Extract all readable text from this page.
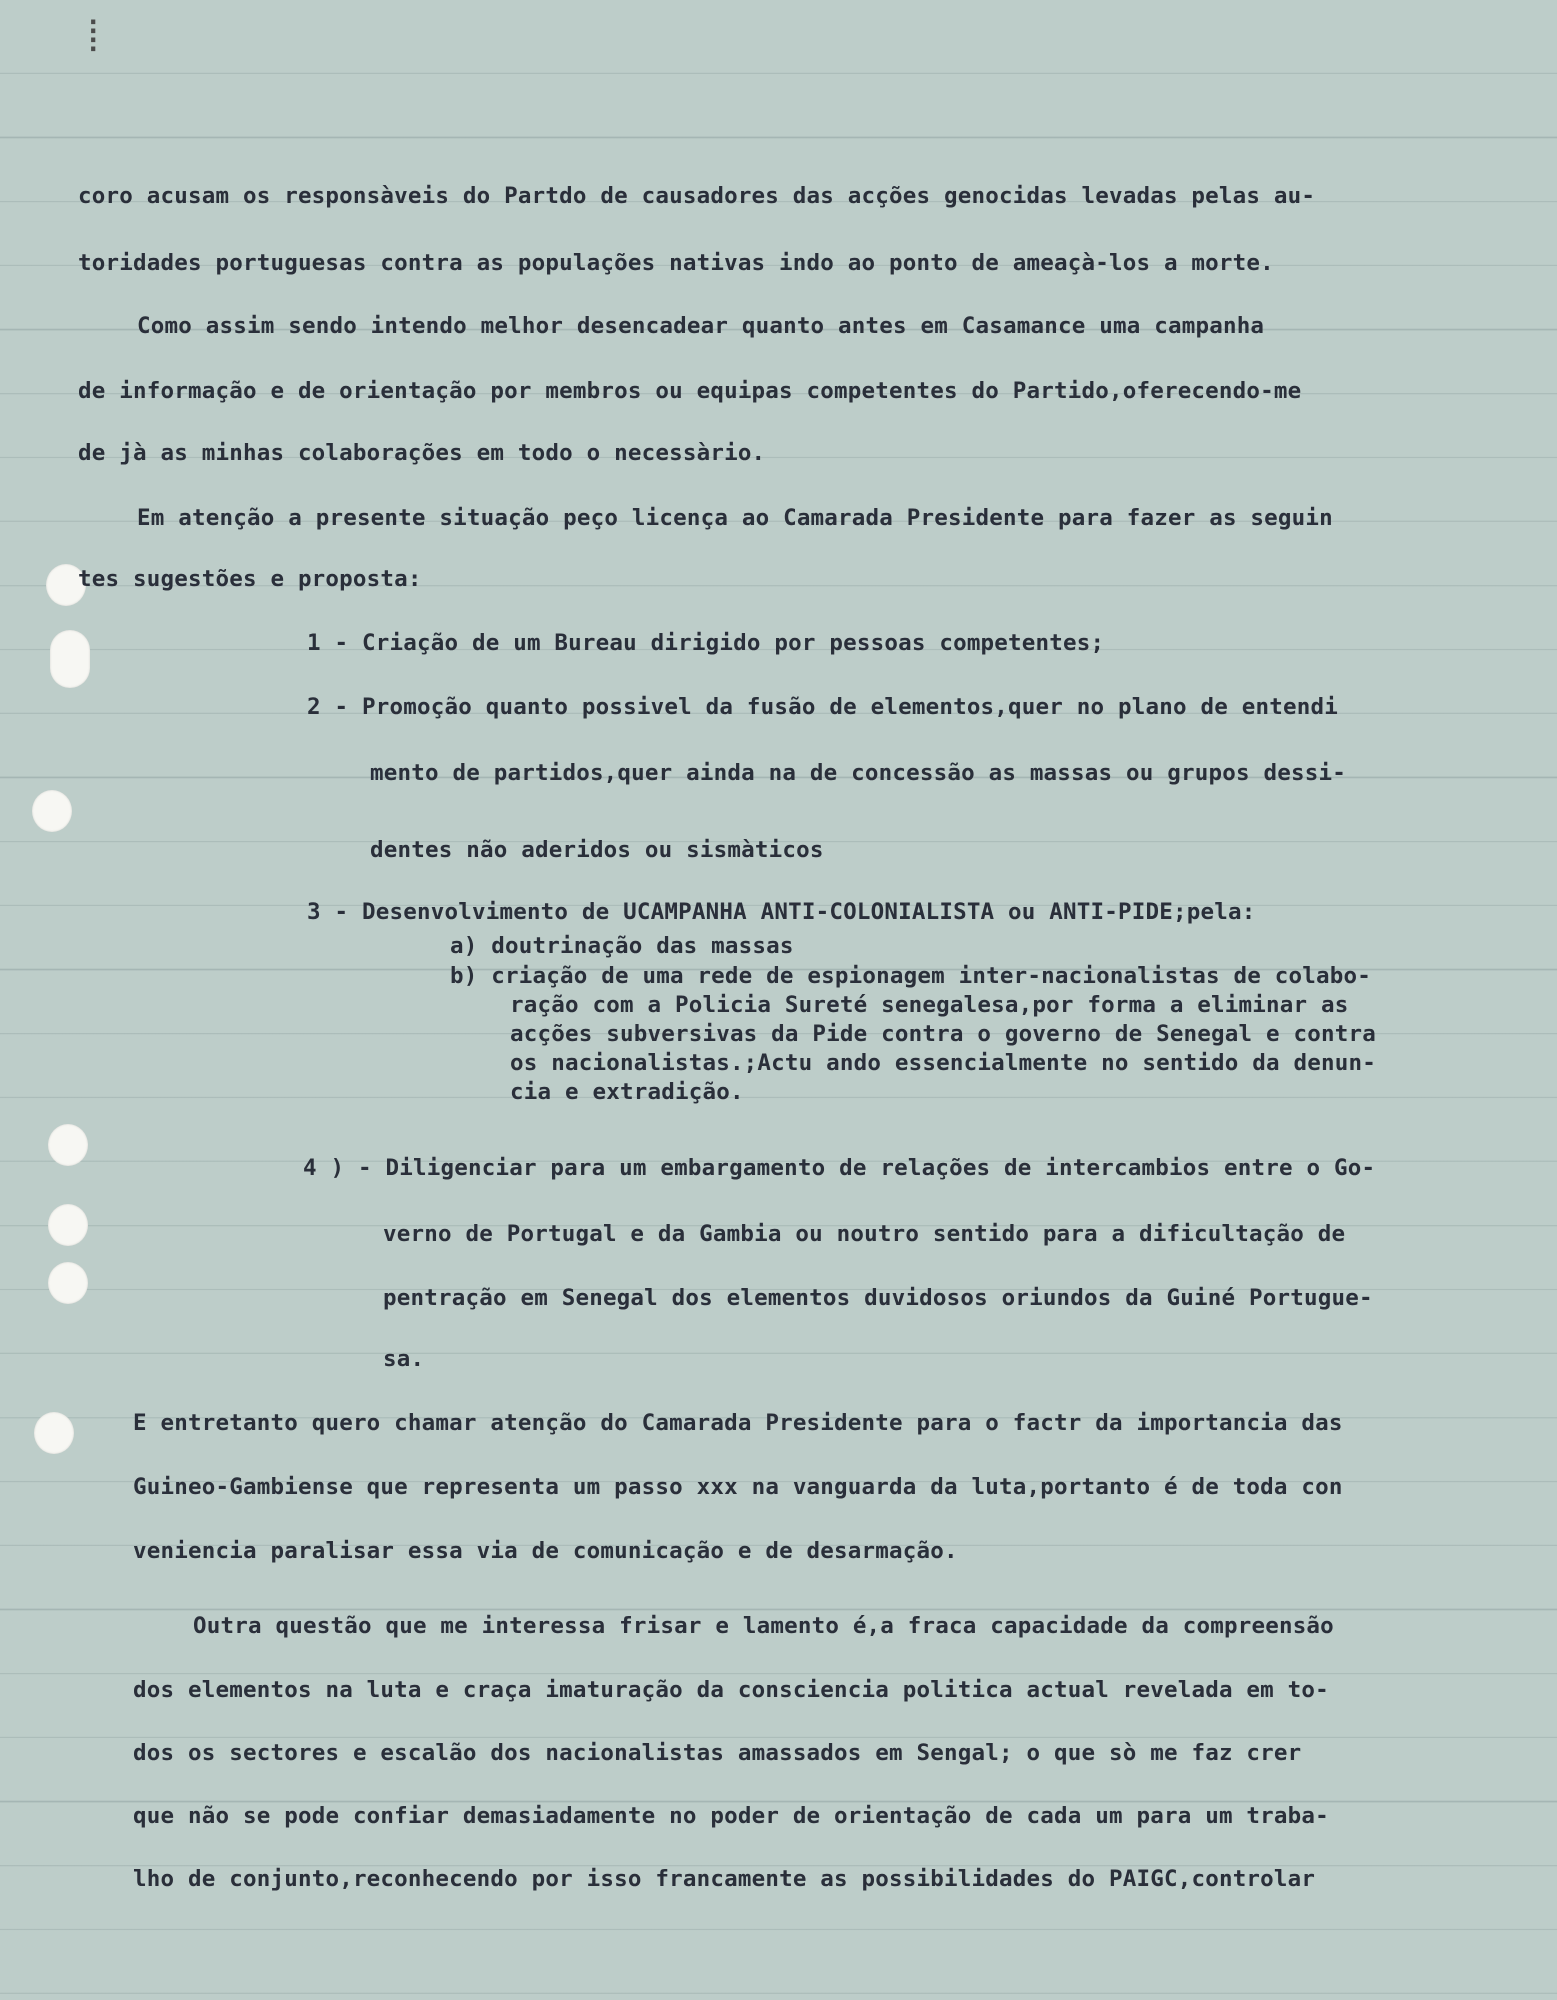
⁞
coro acusam os responsàveis do Partdo de causadores das acções genocidas levadas pelas au-
toridades portuguesas contra as populações nativas indo ao ponto de ameaçà-los a morte.
Como assim sendo intendo melhor desencadear quanto antes em Casamance uma campanha
de informação e de orientação por membros ou equipas competentes do Partido,oferecendo-me
de jà as minhas colaborações em todo o necessàrio.
Em atenção a presente situação peço licença ao Camarada Presidente para fazer as seguin
tes sugestões e proposta:
1 - Criação de um Bureau dirigido por pessoas competentes;
2 - Promoção quanto possivel da fusão de elementos,quer no plano de entendi
mento de partidos,quer ainda na de concessão as massas ou grupos dessi-
dentes não aderidos ou sismàticos
3 - Desenvolvimento de UCAMPANHA ANTI-COLONIALISTA ou ANTI-PIDE;pela:
a) doutrinação das massas
b) criação de uma rede de espionagem inter-nacionalistas de colabo-
ração com a Policia Sureté senegalesa,por forma a eliminar as
acções subversivas da Pide contra o governo de Senegal e contra
os nacionalistas.;Actu ando essencialmente no sentido da denun-
cia e extradição.
4 ) - Diligenciar para um embargamento de relações de intercambios entre o Go-
verno de Portugal e da Gambia ou noutro sentido para a dificultação de
pentração em Senegal dos elementos duvidosos oriundos da Guiné Portugue-
sa.
E entretanto quero chamar atenção do Camarada Presidente para o factr da importancia das
Guineo-Gambiense que representa um passo xxx na vanguarda da luta,portanto é de toda con
veniencia paralisar essa via de comunicação e de desarmação.
Outra questão que me interessa frisar e lamento é,a fraca capacidade da compreensão
dos elementos na luta e craça imaturação da consciencia politica actual revelada em to-
dos os sectores e escalão dos nacionalistas amassados em Sengal; o que sò me faz crer
que não se pode confiar demasiadamente no poder de orientação de cada um para um traba-
lho de conjunto,reconhecendo por isso francamente as possibilidades do PAIGC,controlar
